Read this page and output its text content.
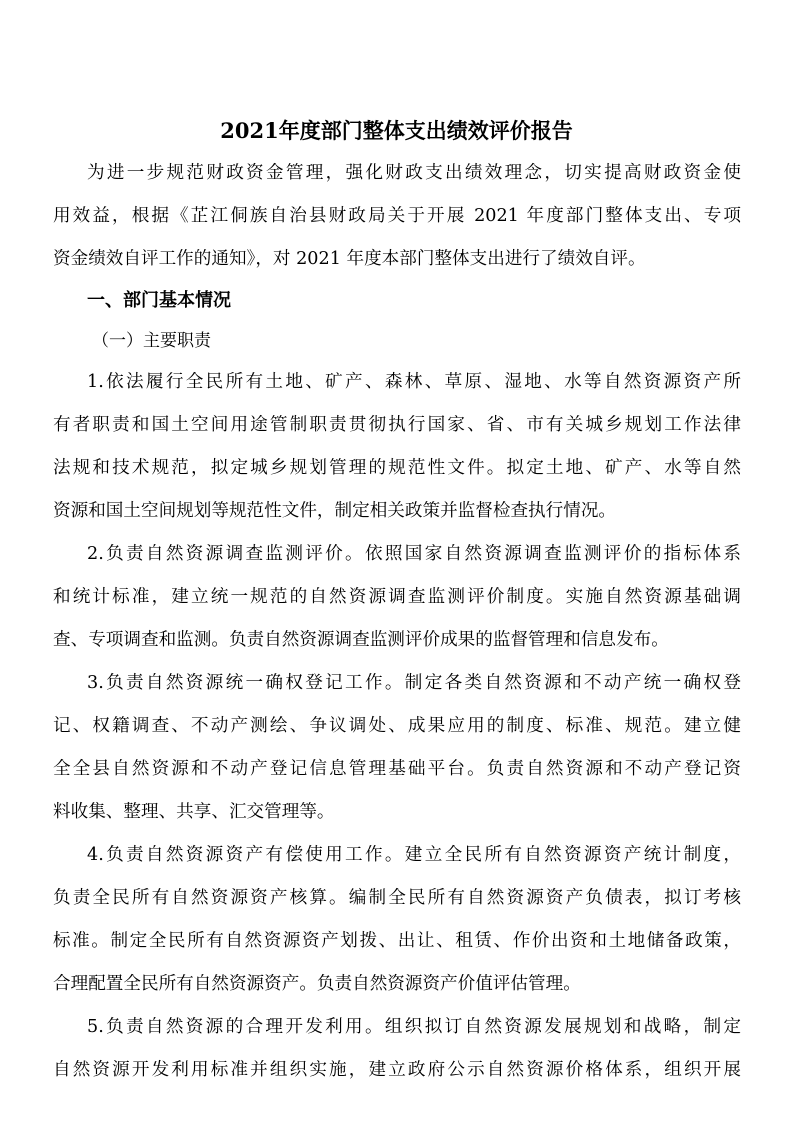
2021年度部门整体支出绩效评价报告
为进一步规范财政资金管理，强化财政支出绩效理念，切实提高财政资金使
用效益，根据《芷江侗族自治县财政局关于开展 2021 年度部门整体支出、专项
资金绩效自评工作的通知》，对 2021 年度本部门整体支出进行了绩效自评。
一、部门基本情况
（一）主要职责
1.依法履行全民所有土地、矿产、森林、草原、湿地、水等自然资源资产所
有者职责和国土空间用途管制职责贯彻执行国家、省、市有关城乡规划工作法律
法规和技术规范，拟定城乡规划管理的规范性文件。拟定土地、矿产、水等自然
资源和国土空间规划等规范性文件，制定相关政策并监督检查执行情况。
2.负责自然资源调查监测评价。依照国家自然资源调查监测评价的指标体系
和统计标准，建立统一规范的自然资源调查监测评价制度。实施自然资源基础调
查、专项调查和监测。负责自然资源调查监测评价成果的监督管理和信息发布。
3.负责自然资源统一确权登记工作。制定各类自然资源和不动产统一确权登
记、权籍调查、不动产测绘、争议调处、成果应用的制度、标准、规范。建立健
全全县自然资源和不动产登记信息管理基础平台。负责自然资源和不动产登记资
料收集、整理、共享、汇交管理等。
4.负责自然资源资产有偿使用工作。建立全民所有自然资源资产统计制度，
负责全民所有自然资源资产核算。编制全民所有自然资源资产负债表，拟订考核
标准。制定全民所有自然资源资产划拨、出让、租赁、作价出资和土地储备政策，
合理配置全民所有自然资源资产。负责自然资源资产价值评估管理。
5.负责自然资源的合理开发利用。组织拟订自然资源发展规划和战略，制定
自然资源开发利用标准并组织实施，建立政府公示自然资源价格体系，组织开展
